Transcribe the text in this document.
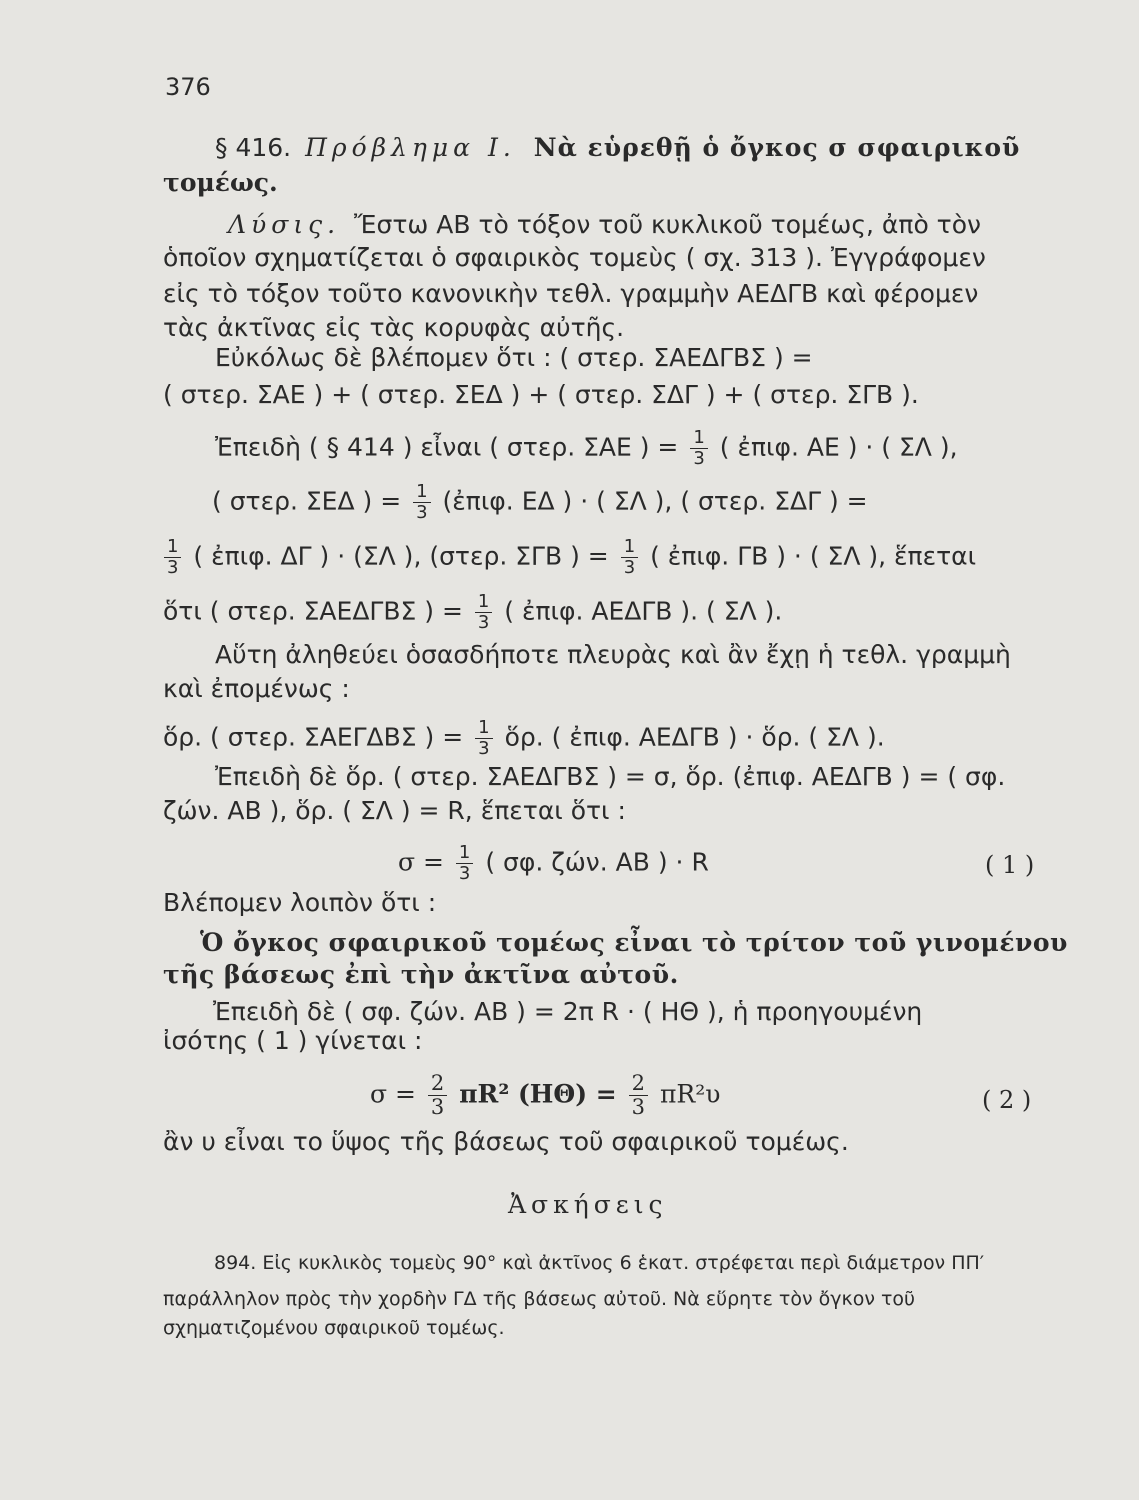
376
§ 416. Πρόβλημα Ι. Νὰ εὑρεθῇ ὁ ὄγκος σ σφαιρικοῦ
τομέως.
Λύσις. Ἔστω ΑΒ τὸ τόξον τοῦ κυκλικοῦ τομέως, ἀπὸ τὸν
ὁποῖον σχηματίζεται ὁ σφαιρικὸς τομεὺς ( σχ. 313 ). Ἐγγράφομεν
εἰς τὸ τόξον τοῦτο κανονικὴν τεθλ. γραμμὴν ΑΕΔΓΒ καὶ φέρομεν
τὰς ἀκτῖνας εἰς τὰς κορυφὰς αὐτῆς.
Εὐκόλως δὲ βλέπομεν ὅτι : ( στερ. ΣΑΕΔΓΒΣ ) =
( στερ. ΣΑΕ ) + ( στερ. ΣΕΔ ) + ( στερ. ΣΔΓ ) + ( στερ. ΣΓΒ ).
Ἐπειδὴ ( § 414 ) εἶναι ( στερ. ΣΑΕ ) = $\frac{1}{3}$ ( ἐπιφ. ΑΕ ) · ( ΣΛ ),
( στερ. ΣΕΔ ) = $\frac{1}{3}$ (ἐπιφ. ΕΔ ) · ( ΣΛ ), ( στερ. ΣΔΓ ) =
$\frac{1}{3}$ ( ἐπιφ. ΔΓ ) · (ΣΛ ), (στερ. ΣΓΒ ) = $\frac{1}{3}$ ( ἐπιφ. ΓΒ ) · ( ΣΛ ), ἕπεται
ὅτι ( στερ. ΣΑΕΔΓΒΣ ) = $\frac{1}{3}$ ( ἐπιφ. ΑΕΔΓΒ ). ( ΣΛ ).
Αὕτη ἀληθεύει ὁσασδήποτε πλευρὰς καὶ ἂν ἔχῃ ἡ τεθλ. γραμμὴ
καὶ ἐπομένως :
ὅρ. ( στερ. ΣΑΕΓΔΒΣ ) = $\frac{1}{3}$ ὅρ. ( ἐπιφ. ΑΕΔΓΒ ) · ὅρ. ( ΣΛ ).
Ἐπειδὴ δὲ ὅρ. ( στερ. ΣΑΕΔΓΒΣ ) = σ, ὅρ. (ἐπιφ. ΑΕΔΓΒ ) = ( σφ.
ζών. ΑΒ ), ὅρ. ( ΣΛ ) = R, ἕπεται ὅτι :
$\sigma = \frac{1}{3}$ ( σφ. ζών. ΑΒ ) · R	( 1 )
Βλέπομεν λοιπὸν ὅτι :
Ὁ ὄγκος σφαιρικοῦ τομέως εἶναι τὸ τρίτον τοῦ γινομένου
τῆς βάσεως ἐπὶ τὴν ἀκτῖνα αὐτοῦ.
Ἐπειδὴ δὲ ( σφ. ζών. ΑΒ ) = 2π R · ( ΗΘ ), ἡ προηγουμένη
ἰσότης ( 1 ) γίνεται :
$\sigma = \frac{2}{3} \pi R^2$ $(H\Theta) = \frac{2}{3} \pi R^2\upsilon$	( 2 )
ἂν υ εἶναι το ὕψος τῆς βάσεως τοῦ σφαιρικοῦ τομέως.
Ἀσκήσεις
894. Εἰς κυκλικὸς τομεὺς 90° καὶ ἀκτῖνος 6 ἑκατ. στρέφεται περὶ διάμετρον ΠΠ′
παράλληλον πρὸς τὴν χορδὴν ΓΔ τῆς βάσεως αὐτοῦ. Νὰ εὕρητε τὸν ὄγκον τοῦ
σχηματιζομένου σφαιρικοῦ τομέως.
